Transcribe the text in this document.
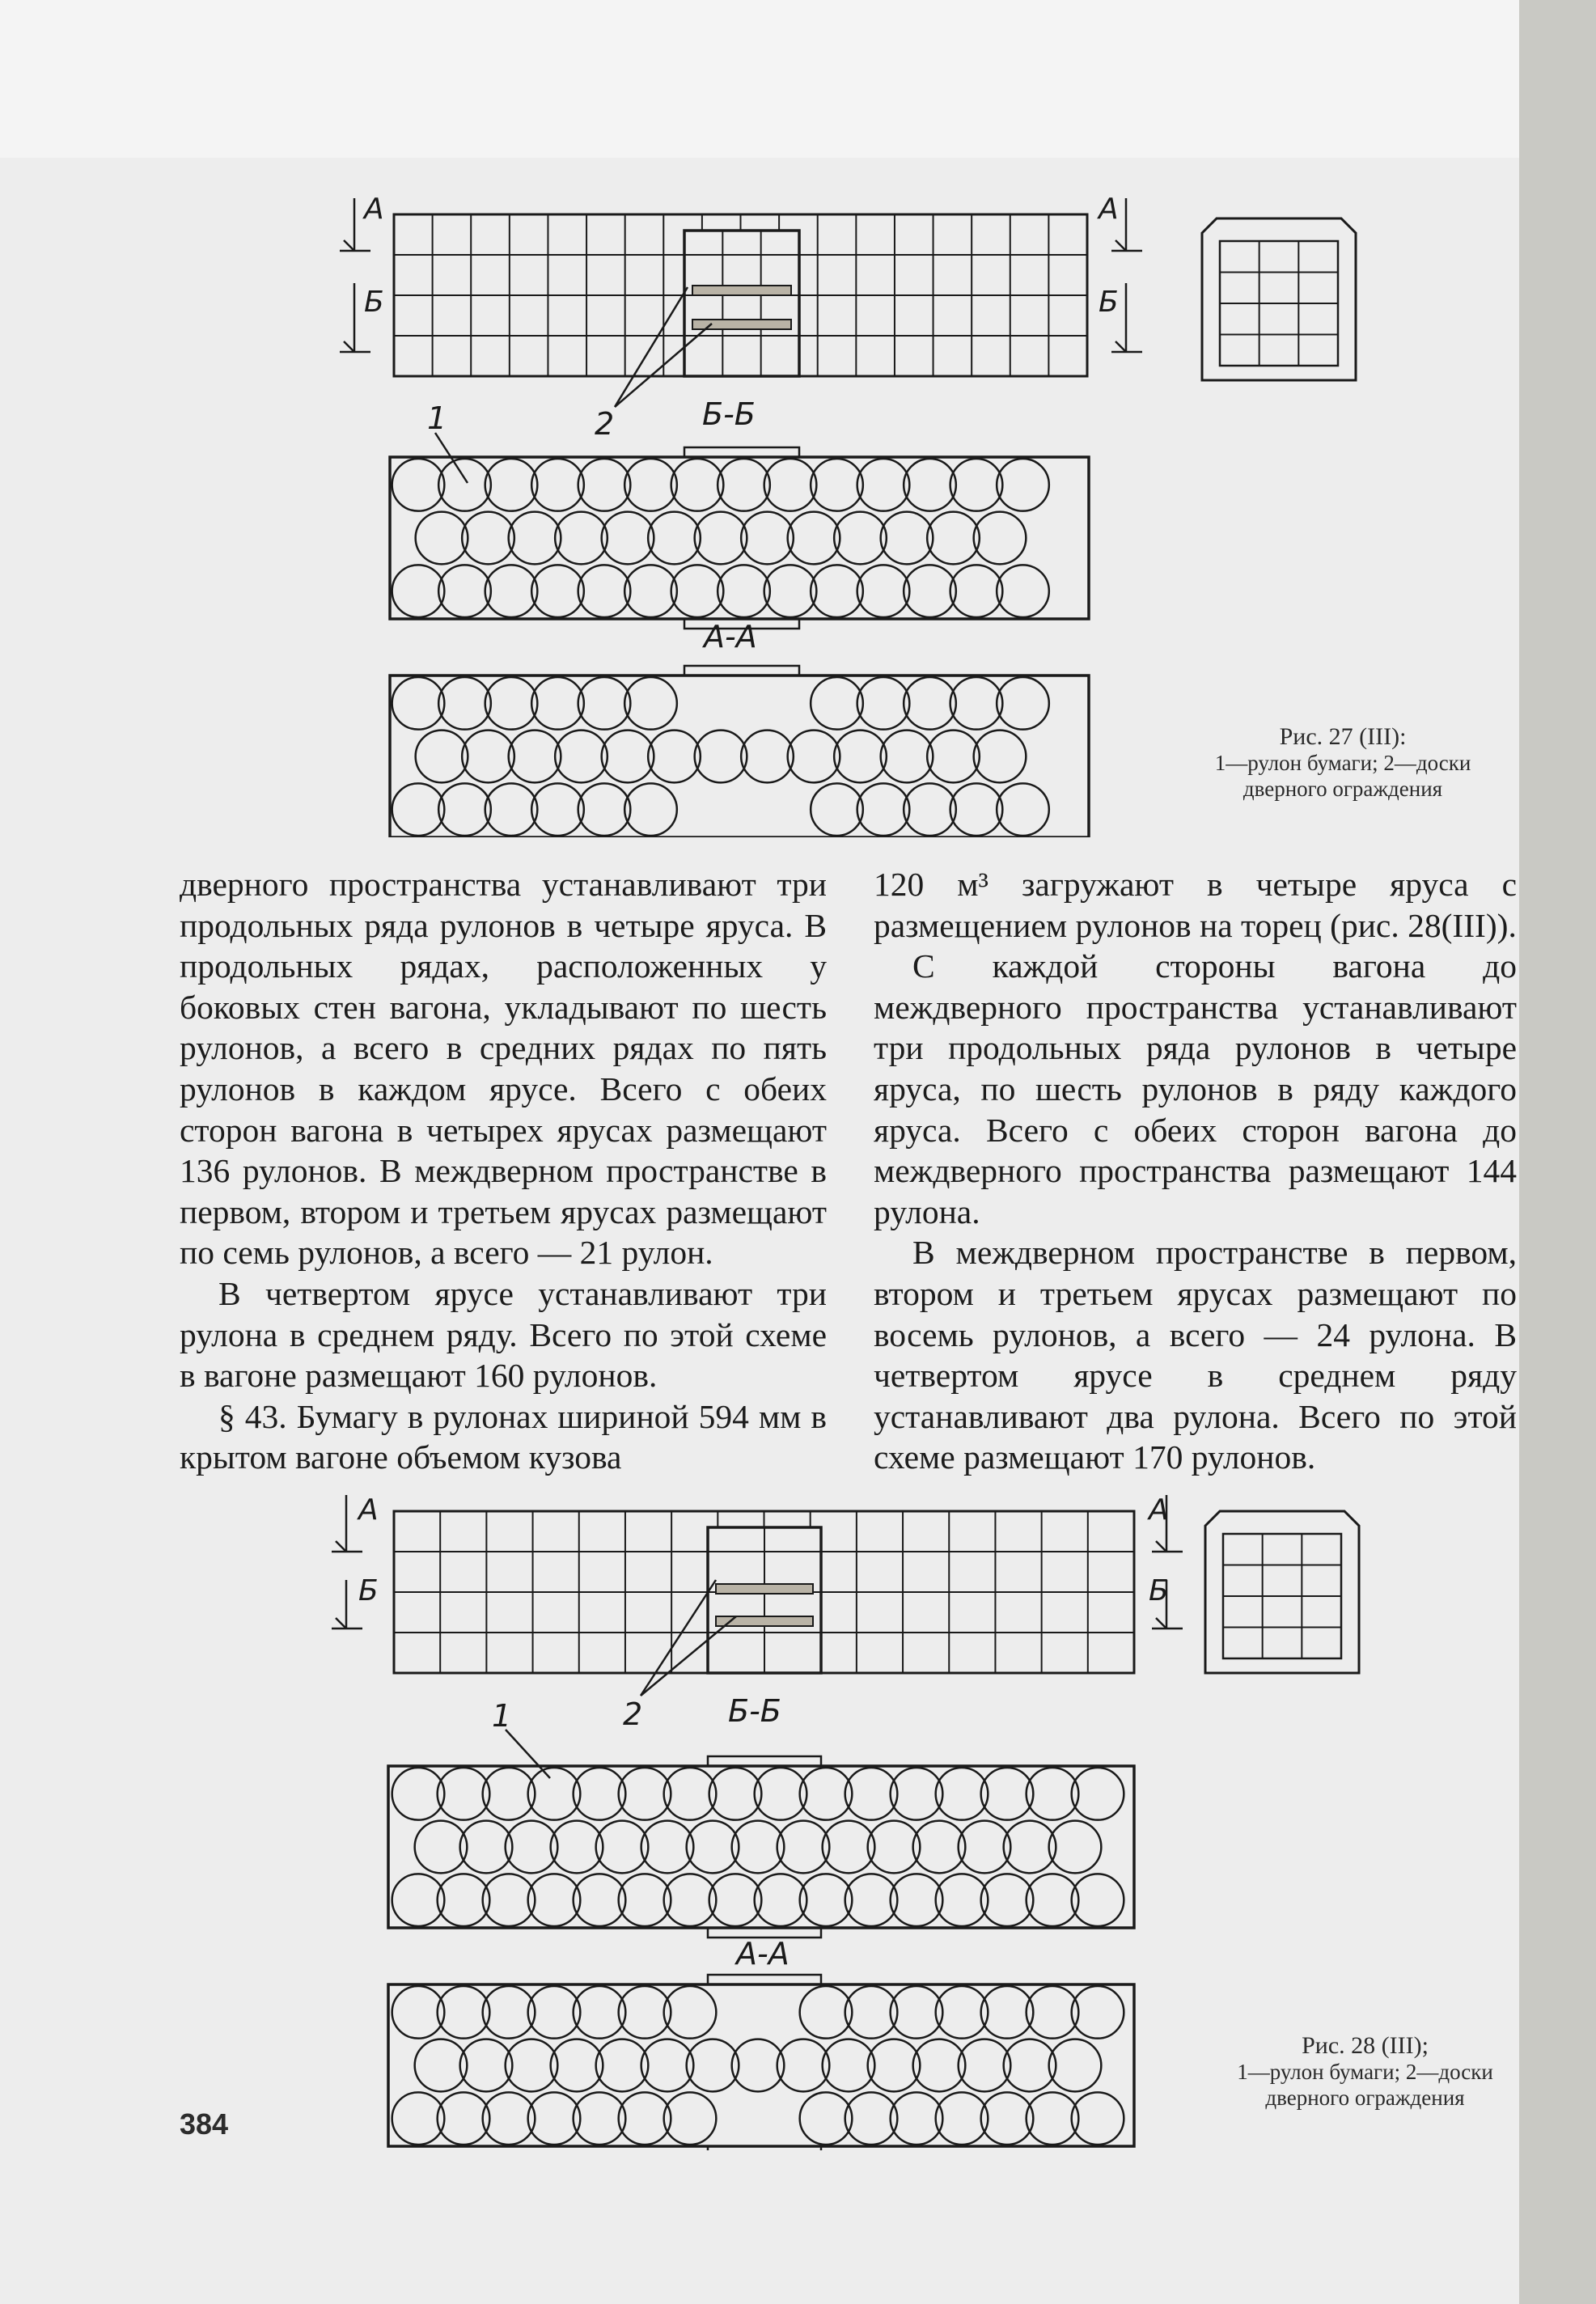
А
Б
А
Б
1	2	Б-Б
А-А
Рис. 27 (III):
1—рулон бумаги; 2—доски дверного ограждения

дверного пространства устанавливают три продольных ряда рулонов в четыре яруса. В продольных рядах, расположенных у боковых стен вагона, укладывают по шесть рулонов, а всего в средних рядах по пять рулонов в каждом ярусе. Всего с обеих сторон вагона в четырех ярусах размещают 136 рулонов. В междверном пространстве в первом, втором и третьем ярусах размещают по семь рулонов, а всего — 21 рулон.

В четвертом ярусе устанавливают три рулона в среднем ряду. Всего по этой схеме в вагоне размещают 160 рулонов.

§ 43. Бумагу в рулонах шириной 594 мм в крытом вагоне объемом кузова

120 м³ загружают в четыре яруса с размещением рулонов на торец (рис. 28(III)).

С каждой стороны вагона до междверного пространства устанавливают три продольных ряда рулонов в четыре яруса, по шесть рулонов в ряду каждого яруса. Всего с обеих сторон вагона до междверного пространства размещают 144 рулона.

В междверном пространстве в первом, втором и третьем ярусах размещают по восемь рулонов, а всего — 24 рулона. В четвертом ярусе в среднем ряду устанавливают два рулона. Всего по этой схеме размещают 170 рулонов.

А
Б
А
Б
1	2	Б-Б
А-А
Рис. 28 (III);
1—рулон бумаги; 2—доски дверного ограждения
384
